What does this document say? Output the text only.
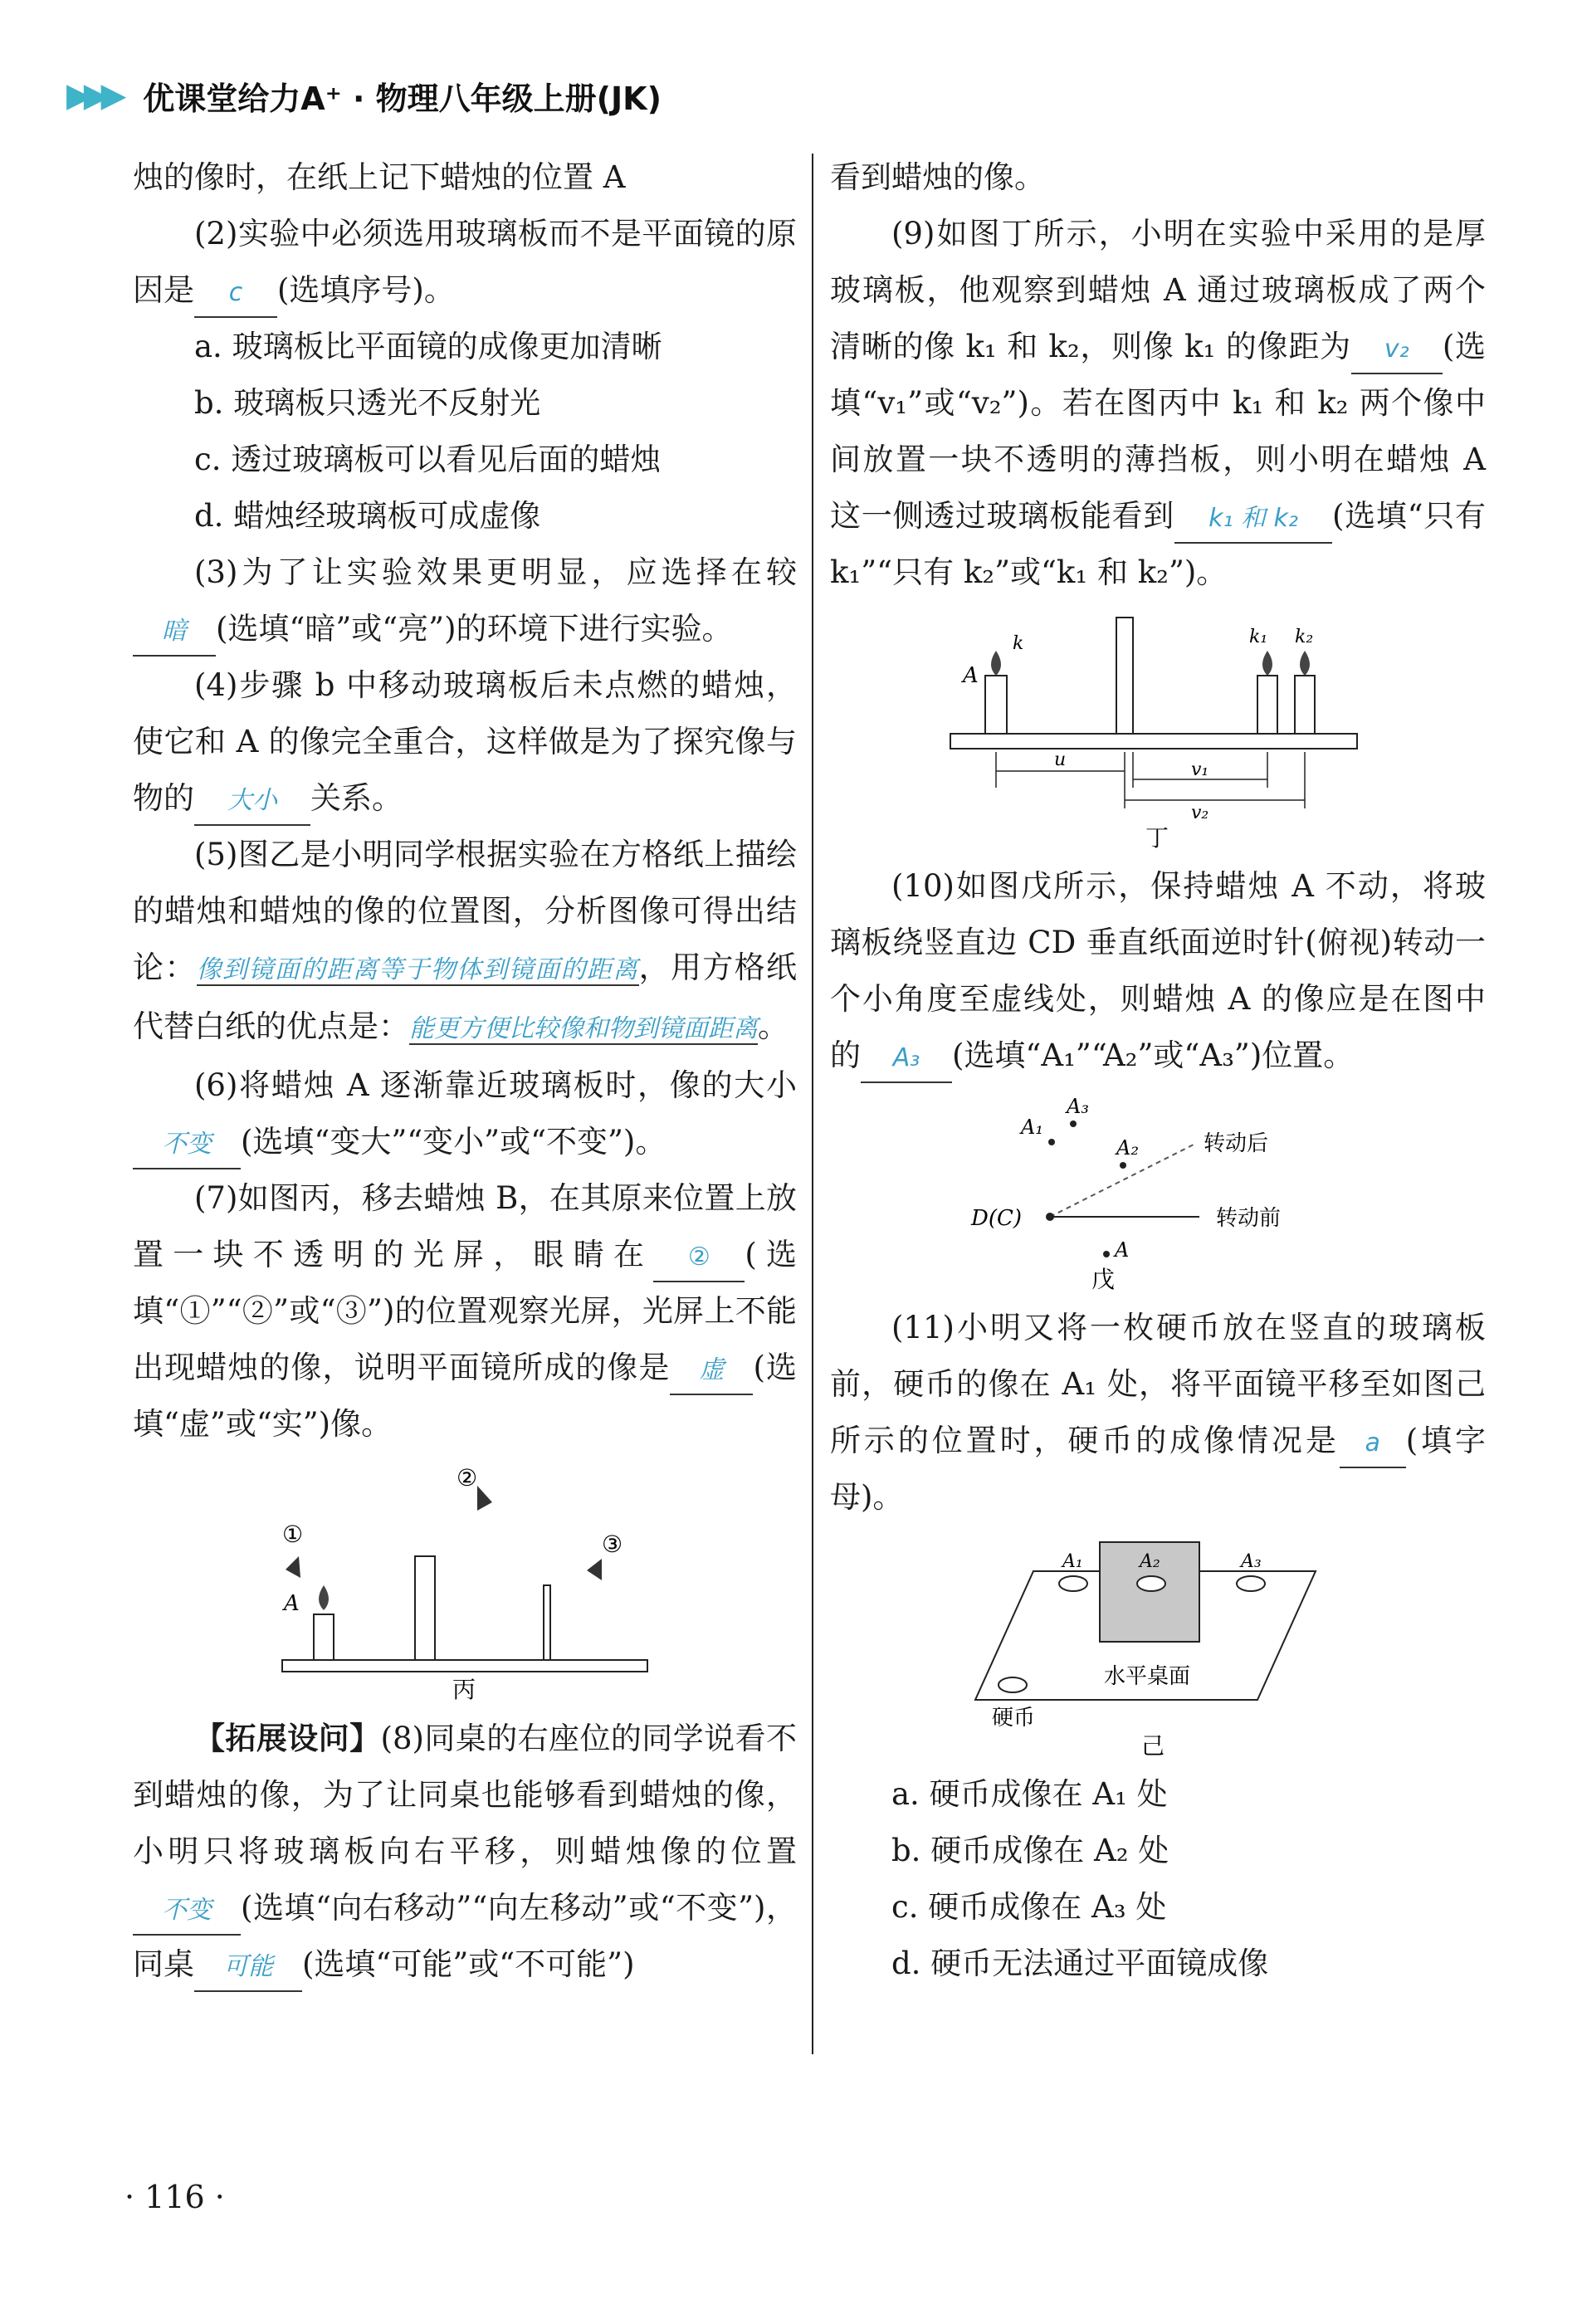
▶▶▶ 优课堂给力A⁺ · 物理八年级上册(JK)
烛的像时，在纸上记下蜡烛的位置 A
(2)实验中必须选用玻璃板而不是平面镜的原因是 c (选填序号)。
a. 玻璃板比平面镜的成像更加清晰
b. 玻璃板只透光不反射光
c. 透过玻璃板可以看见后面的蜡烛
d. 蜡烛经玻璃板可成虚像
(3)为了让实验效果更明显，应选择在较暗 (选填“暗”或“亮”)的环境下进行实验。
(4)步骤 b 中移动玻璃板后未点燃的蜡烛，使它和 A 的像完全重合，这样做是为了探究像与物的 大小 关系。
(5)图乙是小明同学根据实验在方格纸上描绘的蜡烛和蜡烛的像的位置图，分析图像可得出结论：像到镜面的距离等于物体到镜面的距离，用方格纸代替白纸的优点是：能更方便比较像和物到镜面距离。
(6)将蜡烛 A 逐渐靠近玻璃板时，像的大小不变 (选填“变大”“变小”或“不变”)。
(7)如图丙，移去蜡烛 B，在其原来位置上放置一块不透明的光屏，眼睛在 ② (选填“①”“②”或“③”)的位置观察光屏，光屏上不能出现蜡烛的像，说明平面镜所成的像是 虚 (选填“虚”或“实”)像。
②
①	③
A
丙
【拓展设问】(8)同桌的右座位的同学说看不到蜡烛的像，为了让同桌也能够看到蜡烛的像，小明只将玻璃板向右平移，则蜡烛像的位置不变 (选填“向右移动”“向左移动”或“不变”)，同桌 可能 (选填“可能”或“不可能”)
看到蜡烛的像。
(9)如图丁所示，小明在实验中采用的是厚玻璃板，他观察到蜡烛 A 通过玻璃板成了两个清晰的像 k₁ 和 k₂，则像 k₁ 的像距为 v₂ (选填“v₁”或“v₂”)。若在图丙中 k₁ 和 k₂ 两个像中间放置一块不透明的薄挡板，则小明在蜡烛 A 这一侧透过玻璃板能看到 k₁ 和 k₂ (选填“只有 k₁”“只有 k₂”或“k₁ 和 k₂”)。
A
k	k₁ k₂
u	v₁
v₂
丁
(10)如图戊所示，保持蜡烛 A 不动，将玻璃板绕竖直边 CD 垂直纸面逆时针(俯视)转动一个小角度至虚线处，则蜡烛 A 的像应是在图中的 A₃ (选填“A₁”“A₂”或“A₃”)位置。
A₁
A₃
A₂	转动后
D(C)	转动前
A
戊
(11)小明又将一枚硬币放在竖直的玻璃板前，硬币的像在 A₁ 处，将平面镜平移至如图己所示的位置时，硬币的成像情况是 a (填字母)。
A₁	A₂	A₃
水平桌面
硬币
己
a. 硬币成像在 A₁ 处
b. 硬币成像在 A₂ 处
c. 硬币成像在 A₃ 处
d. 硬币无法通过平面镜成像
· 116 ·
